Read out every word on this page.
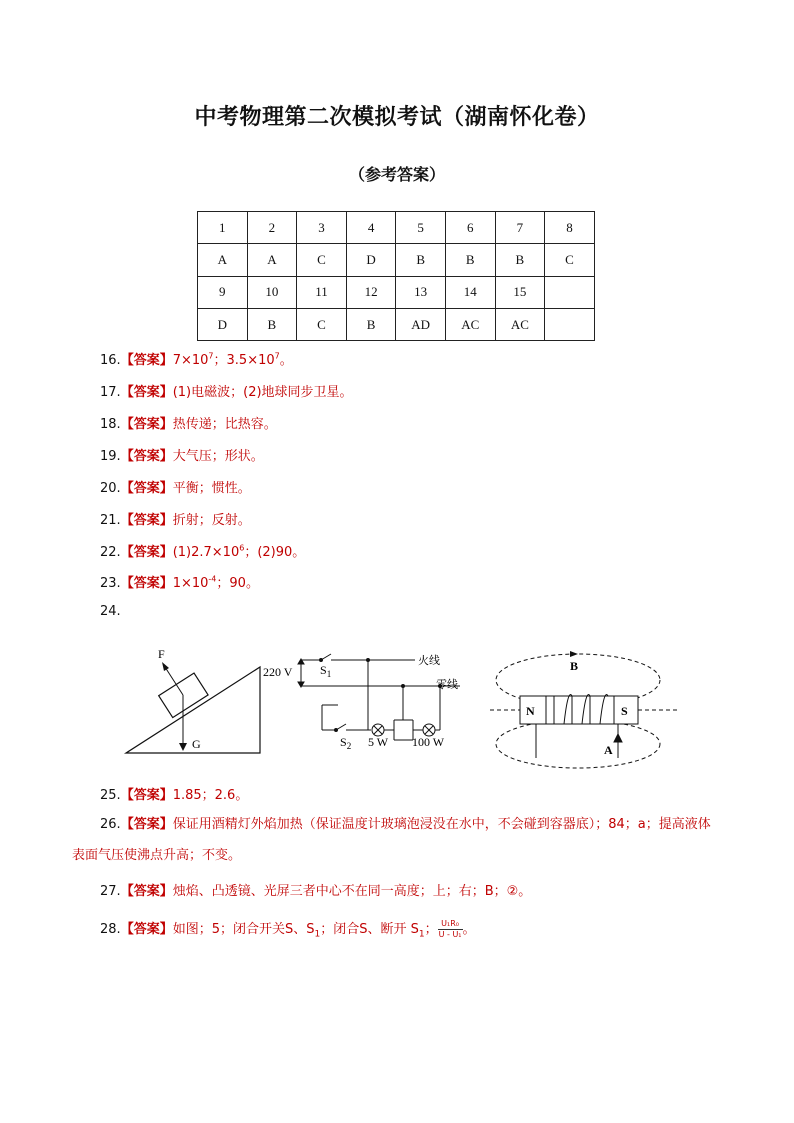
中考物理第二次模拟考试（湖南怀化卷）
（参考答案）
1	2	3	4	5	6	7	8
A	A	C	D	B	B	B	C
9	10	11	12	13	14	15	
D	B	C	B	AD	AC	AC	
16.【答案】$7\times 10^7$；$3.5\times 10^7$。
17.【答案】(1)电磁波；(2)地球同步卫星。
18.【答案】热传递；比热容。
19.【答案】大气压；形状。
20.【答案】平衡；惯性。
21.【答案】折射；反射。
22.【答案】$(1)2.7\times 10^6$；(2)90。
23.【答案】$1\times 10^{-4}$；90。
24.
F
G
220 V $S_1$
$S_2$
火线
零线
5 W 100 W
B
N	S
A
25.【答案】1.85；2.6。
26.【答案】保证用酒精灯外焰加热（保证温度计玻璃泡浸没在水中，不会碰到容器底）；84；a；提高液体表面气压使沸点升高；不变。
27.【答案】烛焰、凸透镜、光屏三者中心不在同一高度；上；右；B；②。
28.【答案】如图；5；闭合开关S、$S_1$；闭合S、断开 $S_1$； $\frac{\text{U₁R₀}}{\text{U - U₁}}$ 。
